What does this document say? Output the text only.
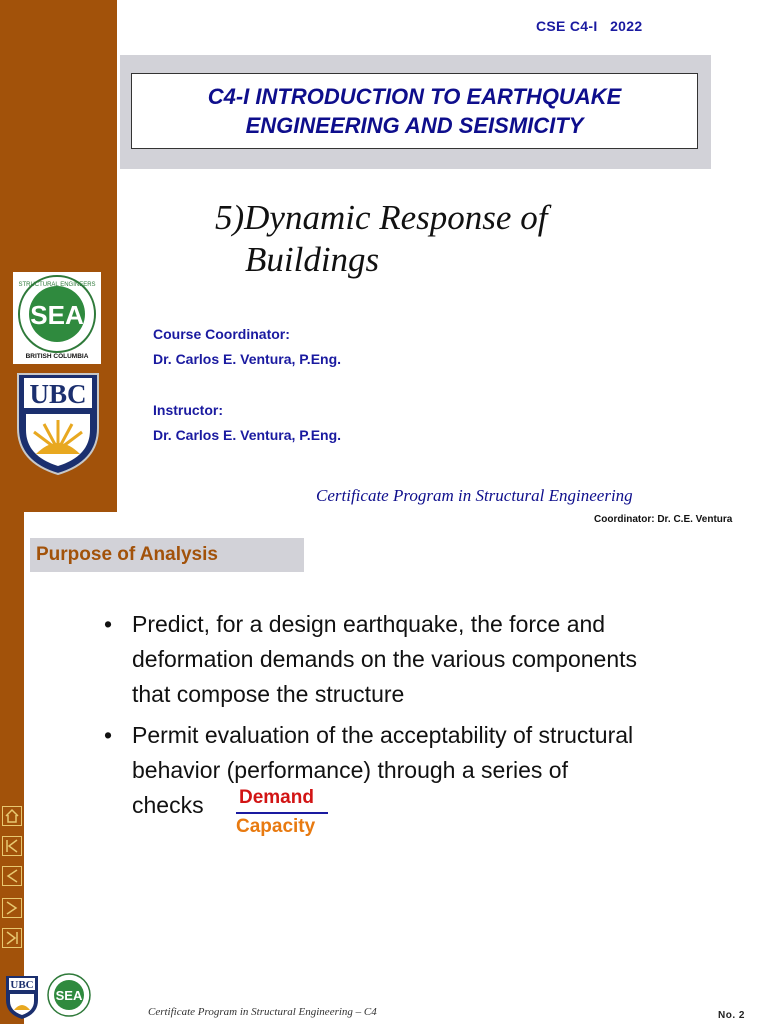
SEA
STRUCTURAL ENGINEERS
BRITISH COLUMBIA
UBC
CSE C4-I   2022
C4-I INTRODUCTION TO EARTHQUAKE
ENGINEERING AND SEISMICITY
5)Dynamic Response of
Buildings
Course Coordinator:
Dr. Carlos E. Ventura, P.Eng.
Instructor:
Dr. Carlos E. Ventura, P.Eng.
Certificate Program in Structural Engineering
Coordinator: Dr. C.E. Ventura
Purpose of Analysis
• Predict, for a design earthquake, the force and deformation demands on the various components that compose the structure
• Permit evaluation of the acceptability of structural behavior (performance) through a series ofchecks	Demand
Capacity
UBC
SEA
Certificate Program in Structural Engineering – C4	No. 2
